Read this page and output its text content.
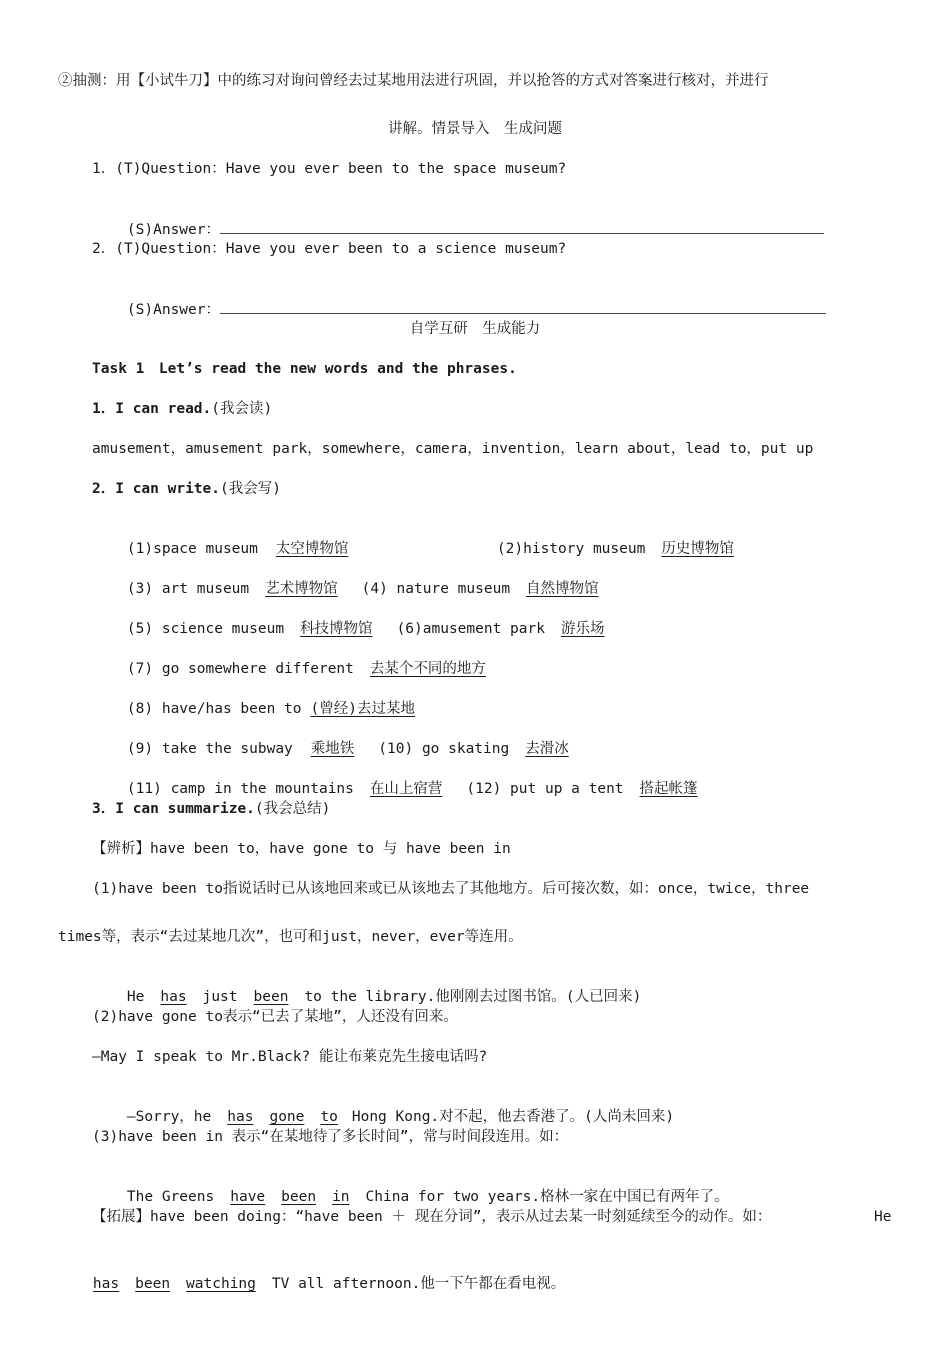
②抽测：用【小试牛刀】中的练习对询问曾经去过某地用法进行巩固，并以抢答的方式对答案进行核对，并进行
讲解。情景导入　生成问题
1．(T)Question：Have you ever been to the space museum?

(S)Answer：

2．(T)Question：Have you ever been to a science museum?

(S)Answer：

自学互研　生成能力
Task 1　Let’s read the new words and the phrases.
1．I can read.(我会读)
amusement，amusement park，somewhere，camera，invention，learn about，lead to，put up
2．I can write.(我会写)

(1)space museum 太空博物馆
	(2)history museum 历史博物馆

(3) art museum 艺术博物馆 (4) nature museum 自然博物馆

(5) science museum 科技博物馆 (6)amusement park 游乐场

(7) go somewhere different 去某个不同的地方

(8) have/has been to (曾经)去过某地

(9) take the subway 乘地铁 (10) go skating 去滑冰

(11) camp in the mountains 在山上宿营 (12) put up a tent 搭起帐篷

3．I can summarize.(我会总结)
【辨析】have been to，have gone to 与 have been in
(1)have been to指说话时已从该地回来或已从该地去了其他地方。后可接次数，如：once，twice，three
times等，表示“去过某地几次”，也可和just，never，ever等连用。

He has just been to the library.他刚刚去过图书馆。(人已回来)

(2)have gone to表示“已去了某地”，人还没有回来。
—May I speak to Mr.Black? 能让布莱克先生接电话吗?

—Sorry，he has gone to Hong Kong.对不起，他去香港了。(人尚未回来)

(3)have been in 表示“在某地待了多长时间”，常与时间段连用。如：

The Greens have been in China for two years.格林一家在中国已有两年了。

【拓展】have been doing：“have been ＋ 现在分词”，表示从过去某一时刻延续至今的动作。如：	He

has been watching TV all afternoon.他一下午都在看电视。
